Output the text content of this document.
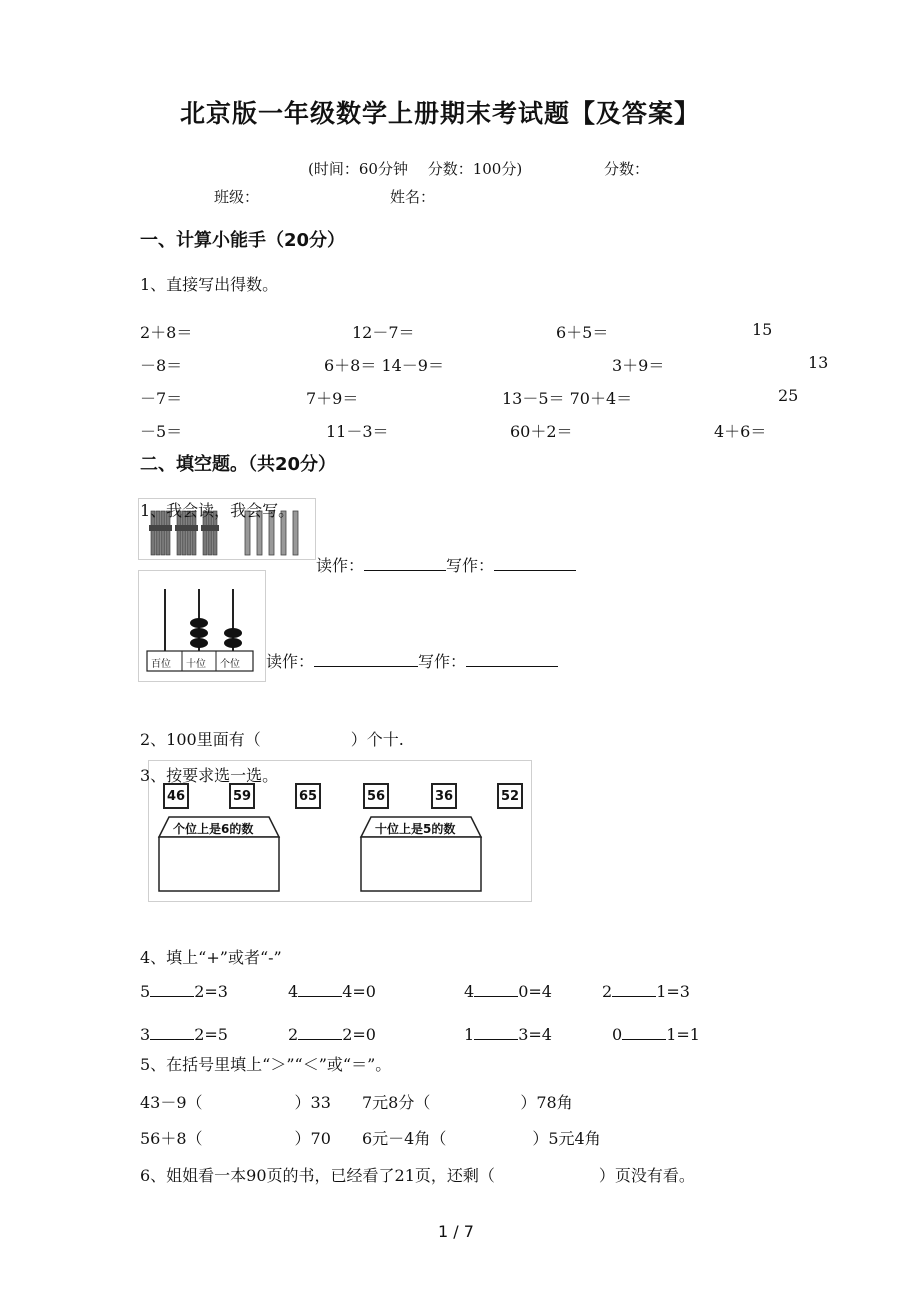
北京版一年级数学上册期末考试题【及答案】
(时间：60分钟　 分数：100分)	分数：
班级：	姓名：
一、计算小能手（20分）
1、直接写出得数。
2＋8＝	12－7＝	6＋5＝	15
－8＝	6＋8＝ 14－9＝	3＋9＝	13
－7＝	7＋9＝	13－5＝ 70＋4＝	25
－5＝	11－3＝	60＋2＝	4＋6＝
二、填空题。（共20分）
1、我会读，我会写。
读作：	写作：
百位 十位 个位 读作：	写作：
2、100里面有（	）个十.
46	59	65	56	36	52
个位上是6的数	十位上是5的数
3、按要求选一选。
4、填上“+”或者“-”
5	2=3	4	4=0	4	0=4	2	1=3
3	2=5	2	2=0	1	3=4	0	1=1
5、在括号里填上“＞”“＜”或“＝”。
43－9（	）33 7元8分（	）78角
56＋8（	）70 6元－4角（	）5元4角
6、姐姐看一本90页的书，已经看了21页，还剩（	）页没有看。
1 / 7
